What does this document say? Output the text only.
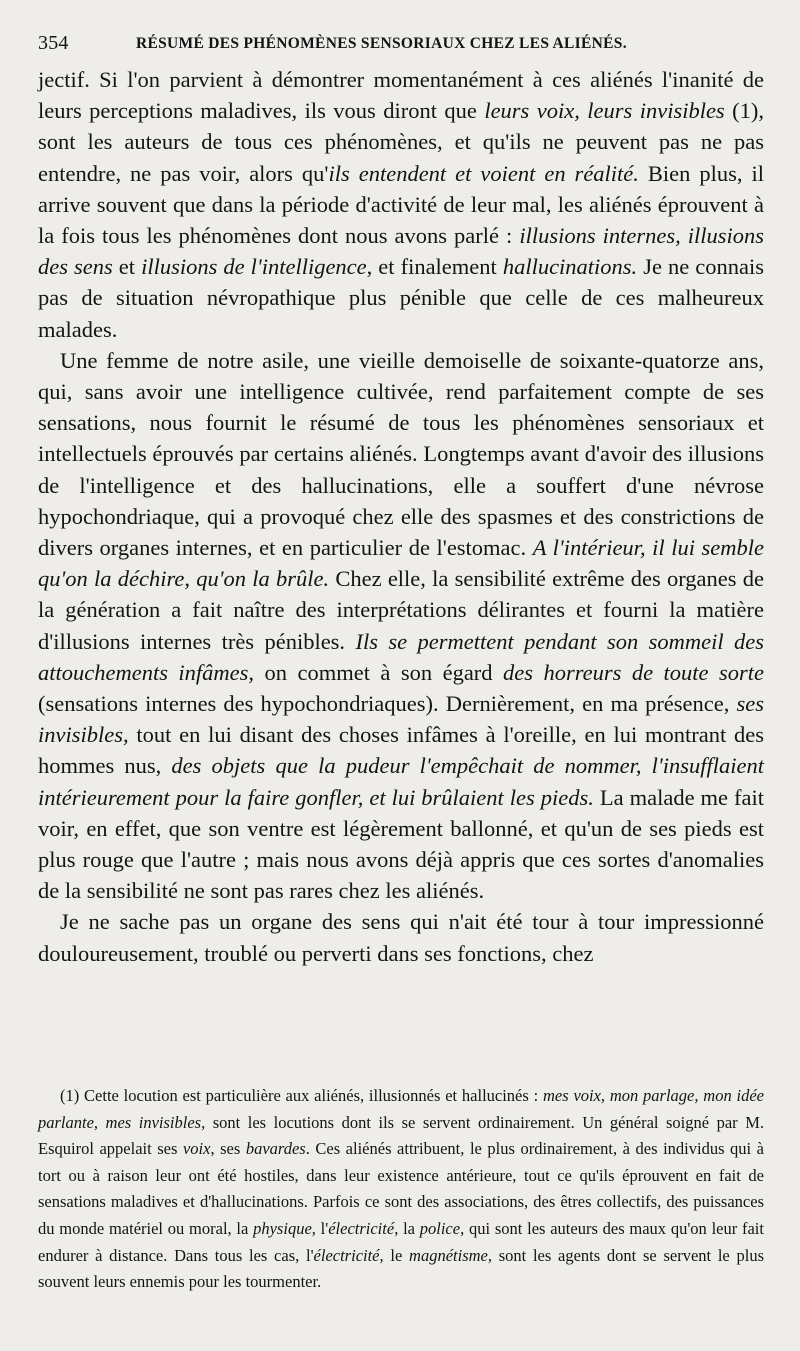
354	RÉSUMÉ DES PHÉNOMÈNES SENSORIAUX CHEZ LES ALIÉNÉS.

jectif. Si l'on parvient à démontrer momentanément à ces aliénés l'inanité de leurs perceptions maladives, ils vous diront que leurs voix, leurs invisibles (1), sont les auteurs de tous ces phénomènes, et qu'ils ne peuvent pas ne pas entendre, ne pas voir, alors qu'ils entendent et voient en réalité. Bien plus, il arrive souvent que dans la période d'activité de leur mal, les aliénés éprouvent à la fois tous les phénomènes dont nous avons parlé : illusions internes, illusions des sens et illusions de l'intelligence, et finalement hallucinations. Je ne connais pas de situation névropathique plus pénible que celle de ces malheureux malades.

Une femme de notre asile, une vieille demoiselle de soixante-quatorze ans, qui, sans avoir une intelligence cultivée, rend parfaitement compte de ses sensations, nous fournit le résumé de tous les phénomènes sensoriaux et intellectuels éprouvés par certains aliénés. Longtemps avant d'avoir des illusions de l'intelligence et des hallucinations, elle a souffert d'une névrose hypochondriaque, qui a provoqué chez elle des spasmes et des constrictions de divers organes internes, et en particulier de l'estomac. A l'intérieur, il lui semble qu'on la déchire, qu'on la brûle. Chez elle, la sensibilité extrême des organes de la génération a fait naître des interprétations délirantes et fourni la matière d'illusions internes très pénibles. Ils se permettent pendant son sommeil des attouchements infâmes, on commet à son égard des horreurs de toute sorte (sensations internes des hypochondriaques). Dernièrement, en ma présence, ses invisibles, tout en lui disant des choses infâmes à l'oreille, en lui montrant des hommes nus, des objets que la pudeur l'empêchait de nommer, l'insufflaient intérieurement pour la faire gonfler, et lui brûlaient les pieds. La malade me fait voir, en effet, que son ventre est légèrement ballonné, et qu'un de ses pieds est plus rouge que l'autre ; mais nous avons déjà appris que ces sortes d'anomalies de la sensibilité ne sont pas rares chez les aliénés.

Je ne sache pas un organe des sens qui n'ait été tour à tour impressionné douloureusement, troublé ou perverti dans ses fonctions, chez

(1) Cette locution est particulière aux aliénés, illusionnés et hallucinés : mes voix, mon parlage, mon idée parlante, mes invisibles, sont les locutions dont ils se servent ordinairement. Un général soigné par M. Esquirol appelait ses voix, ses bavardes. Ces aliénés attribuent, le plus ordinairement, à des individus qui à tort ou à raison leur ont été hostiles, dans leur existence antérieure, tout ce qu'ils éprouvent en fait de sensations maladives et d'hallucinations. Parfois ce sont des associations, des êtres collectifs, des puissances du monde matériel ou moral, la physique, l'électricité, la police, qui sont les auteurs des maux qu'on leur fait endurer à distance. Dans tous les cas, l'électricité, le magnétisme, sont les agents dont se servent le plus souvent leurs ennemis pour les tourmenter.
